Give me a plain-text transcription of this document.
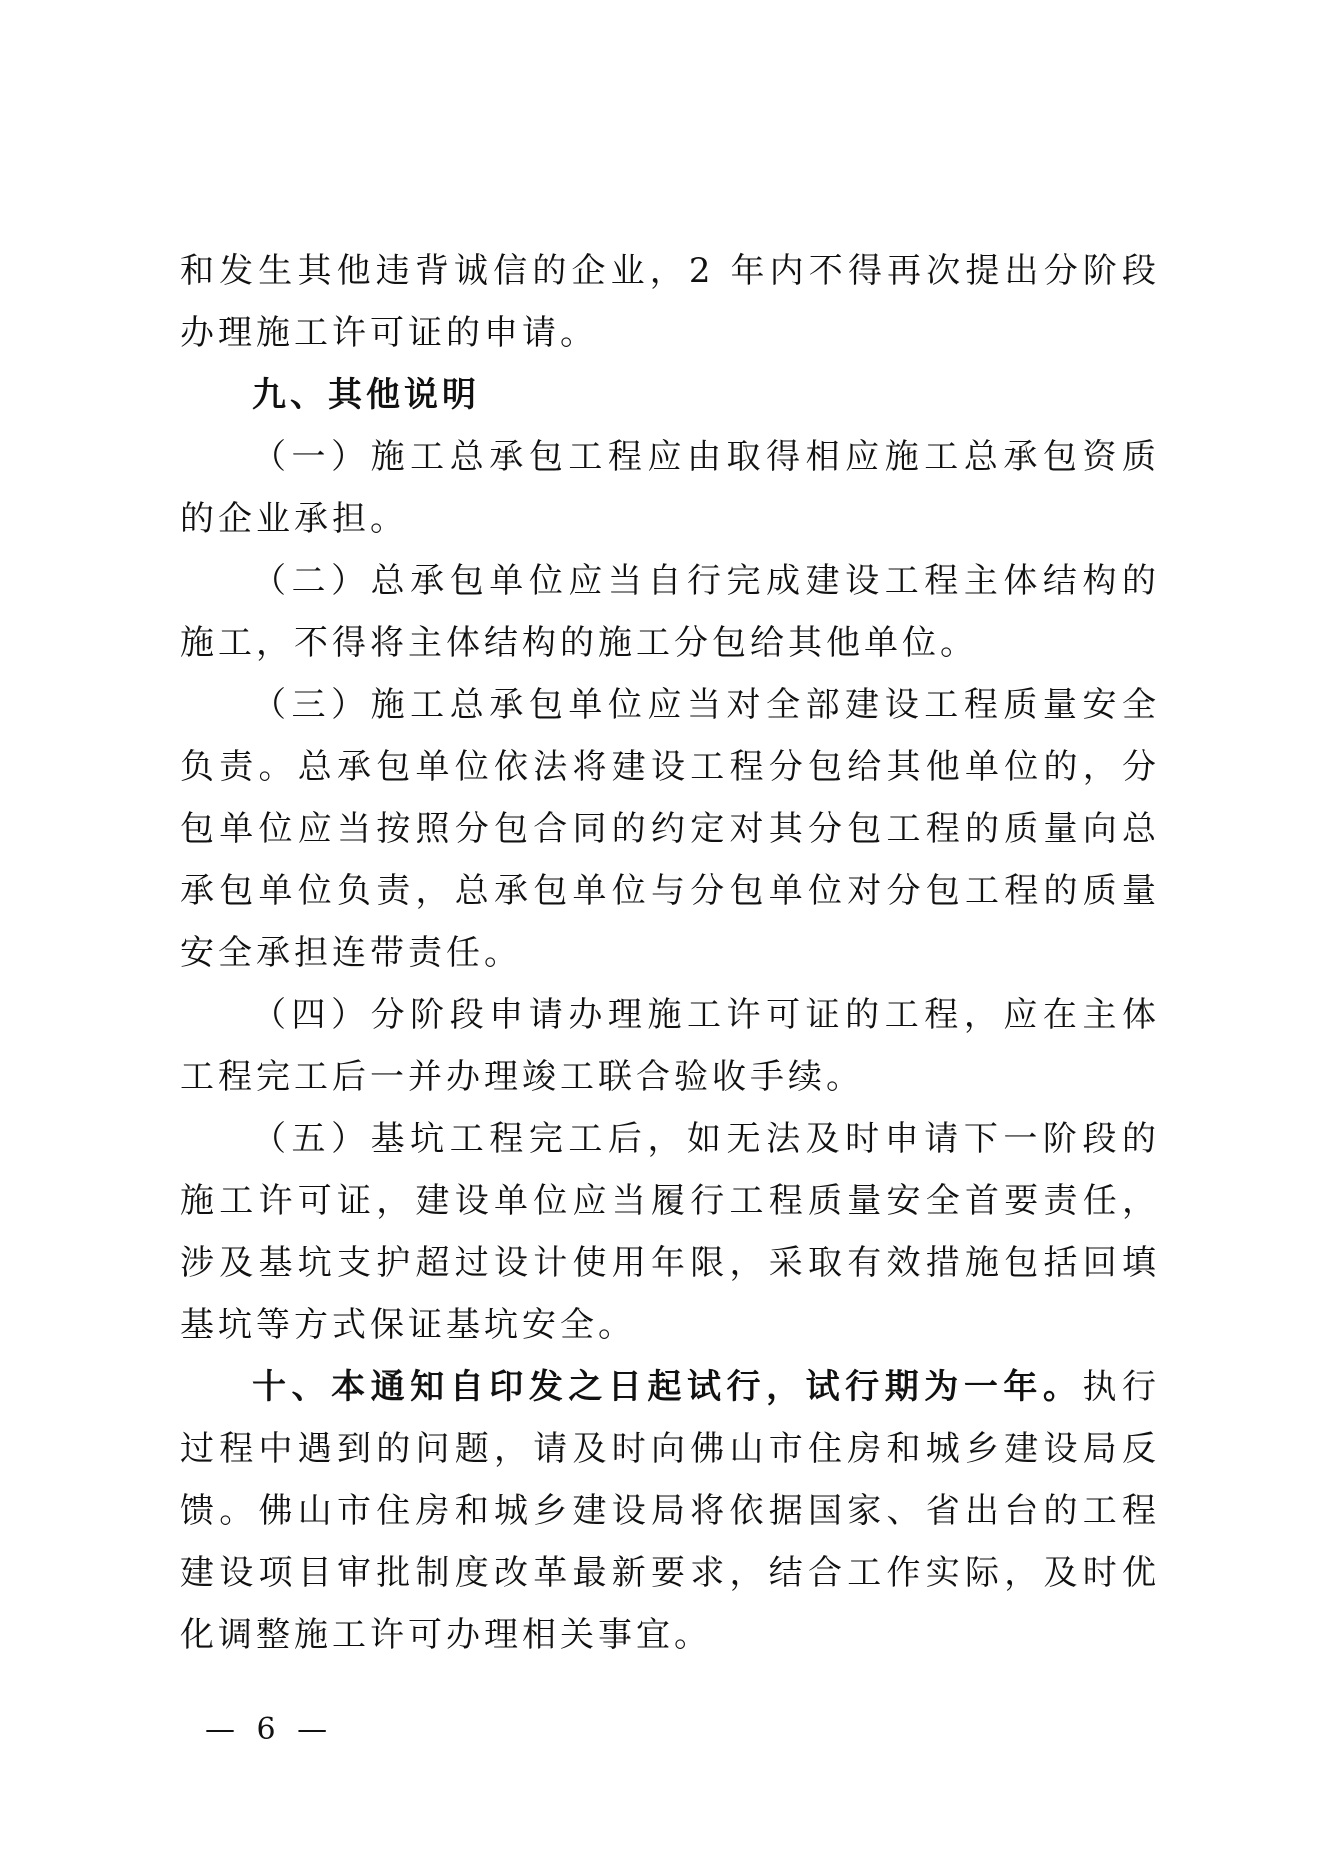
和发生其他违背诚信的企业，2 年内不得再次提出分阶段办理施工许可证的申请。

九、其他说明

（一）施工总承包工程应由取得相应施工总承包资质的企业承担。

（二）总承包单位应当自行完成建设工程主体结构的施工，不得将主体结构的施工分包给其他单位。

（三）施工总承包单位应当对全部建设工程质量安全负责。总承包单位依法将建设工程分包给其他单位的，分包单位应当按照分包合同的约定对其分包工程的质量向总承包单位负责，总承包单位与分包单位对分包工程的质量安全承担连带责任。

（四）分阶段申请办理施工许可证的工程，应在主体工程完工后一并办理竣工联合验收手续。

（五）基坑工程完工后，如无法及时申请下一阶段的施工许可证，建设单位应当履行工程质量安全首要责任，涉及基坑支护超过设计使用年限，采取有效措施包括回填基坑等方式保证基坑安全。

十、本通知自印发之日起试行，试行期为一年。执行过程中遇到的问题，请及时向佛山市住房和城乡建设局反馈。佛山市住房和城乡建设局将依据国家、省出台的工程建设项目审批制度改革最新要求，结合工作实际，及时优化调整施工许可办理相关事宜。

— 6 —
